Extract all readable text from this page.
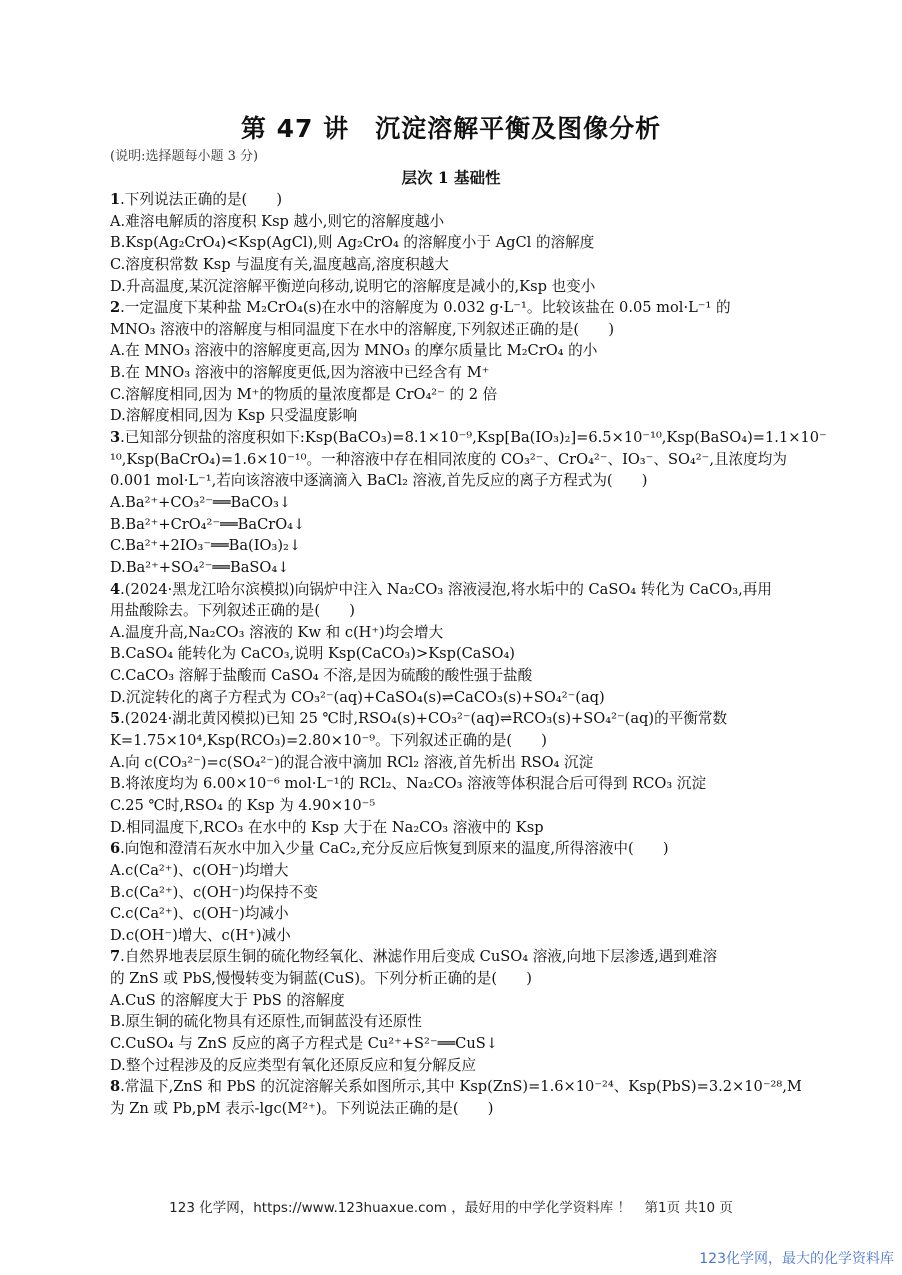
第 47 讲　沉淀溶解平衡及图像分析
(说明:选择题每小题 3 分)
层次 1 基础性
1.下列说法正确的是(　　)
A.难溶电解质的溶度积 Ksp 越小,则它的溶解度越小
B.Ksp(Ag₂CrO₄)<Ksp(AgCl),则 Ag₂CrO₄ 的溶解度小于 AgCl 的溶解度
C.溶度积常数 Ksp 与温度有关,温度越高,溶度积越大
D.升高温度,某沉淀溶解平衡逆向移动,说明它的溶解度是减小的,Ksp 也变小
2.一定温度下某种盐 M₂CrO₄(s)在水中的溶解度为 0.032 g·L⁻¹。比较该盐在 0.05 mol·L⁻¹ 的
MNO₃ 溶液中的溶解度与相同温度下在水中的溶解度,下列叙述正确的是(　　)
A.在 MNO₃ 溶液中的溶解度更高,因为 MNO₃ 的摩尔质量比 M₂CrO₄ 的小
B.在 MNO₃ 溶液中的溶解度更低,因为溶液中已经含有 M⁺
C.溶解度相同,因为 M⁺的物质的量浓度都是 CrO₄²⁻ 的 2 倍
D.溶解度相同,因为 Ksp 只受温度影响
3.已知部分钡盐的溶度积如下:Ksp(BaCO₃)=8.1×10⁻⁹,Ksp[Ba(IO₃)₂]=6.5×10⁻¹⁰,Ksp(BaSO₄)=1.1×10⁻
¹⁰,Ksp(BaCrO₄)=1.6×10⁻¹⁰。一种溶液中存在相同浓度的 CO₃²⁻、CrO₄²⁻、IO₃⁻、SO₄²⁻,且浓度均为
0.001 mol·L⁻¹,若向该溶液中逐滴滴入 BaCl₂ 溶液,首先反应的离子方程式为(　　)
A.Ba²⁺+CO₃²⁻══BaCO₃↓
B.Ba²⁺+CrO₄²⁻══BaCrO₄↓
C.Ba²⁺+2IO₃⁻══Ba(IO₃)₂↓
D.Ba²⁺+SO₄²⁻══BaSO₄↓
4.(2024·黑龙江哈尔滨模拟)向锅炉中注入 Na₂CO₃ 溶液浸泡,将水垢中的 CaSO₄ 转化为 CaCO₃,再用
用盐酸除去。下列叙述正确的是(　　)
A.温度升高,Na₂CO₃ 溶液的 Kw 和 c(H⁺)均会增大
B.CaSO₄ 能转化为 CaCO₃,说明 Ksp(CaCO₃)>Ksp(CaSO₄)
C.CaCO₃ 溶解于盐酸而 CaSO₄ 不溶,是因为硫酸的酸性强于盐酸
D.沉淀转化的离子方程式为 CO₃²⁻(aq)+CaSO₄(s)⇌CaCO₃(s)+SO₄²⁻(aq)
5.(2024·湖北黄冈模拟)已知 25 ℃时,RSO₄(s)+CO₃²⁻(aq)⇌RCO₃(s)+SO₄²⁻(aq)的平衡常数
K=1.75×10⁴,Ksp(RCO₃)=2.80×10⁻⁹。下列叙述正确的是(　　)
A.向 c(CO₃²⁻)=c(SO₄²⁻)的混合液中滴加 RCl₂ 溶液,首先析出 RSO₄ 沉淀
B.将浓度均为 6.00×10⁻⁶ mol·L⁻¹的 RCl₂、Na₂CO₃ 溶液等体积混合后可得到 RCO₃ 沉淀
C.25 ℃时,RSO₄ 的 Ksp 为 4.90×10⁻⁵
D.相同温度下,RCO₃ 在水中的 Ksp 大于在 Na₂CO₃ 溶液中的 Ksp
6.向饱和澄清石灰水中加入少量 CaC₂,充分反应后恢复到原来的温度,所得溶液中(　　)
A.c(Ca²⁺)、c(OH⁻)均增大
B.c(Ca²⁺)、c(OH⁻)均保持不变
C.c(Ca²⁺)、c(OH⁻)均减小
D.c(OH⁻)增大、c(H⁺)减小
7.自然界地表层原生铜的硫化物经氧化、淋滤作用后变成 CuSO₄ 溶液,向地下层渗透,遇到难溶
的 ZnS 或 PbS,慢慢转变为铜蓝(CuS)。下列分析正确的是(　　)
A.CuS 的溶解度大于 PbS 的溶解度
B.原生铜的硫化物具有还原性,而铜蓝没有还原性
C.CuSO₄ 与 ZnS 反应的离子方程式是 Cu²⁺+S²⁻══CuS↓
D.整个过程涉及的反应类型有氧化还原反应和复分解反应
8.常温下,ZnS 和 PbS 的沉淀溶解关系如图所示,其中 Ksp(ZnS)=1.6×10⁻²⁴、Ksp(PbS)=3.2×10⁻²⁸,M
为 Zn 或 Pb,pM 表示-lgc(M²⁺)。下列说法正确的是(　　)
123 化学网，https://www.123huaxue.com ，最好用的中学化学资料库 ！　第1页 共10 页
123化学网，最大的化学资料库
